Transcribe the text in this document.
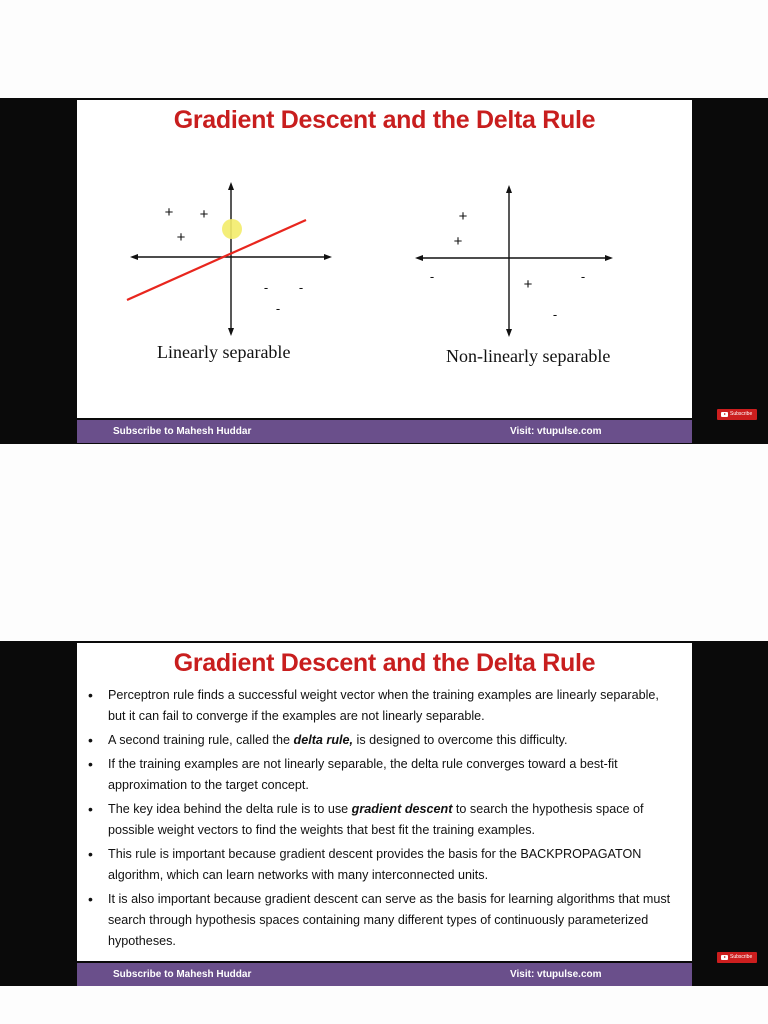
Gradient Descent and the Delta Rule
+ +
+
- -
-
+
+
+
-	-
-
Linearly separable	Non-linearly separable
Subscribe to Mahesh Huddar	Visit: vtupulse.com
Subscribe
Gradient Descent and the Delta Rule
• Perceptron rule finds a successful weight vector when the training examples are linearly separable, but it can fail to converge if the examples are not linearly separable.
• A second training rule, called the delta rule, is designed to overcome this difficulty.
• If the training examples are not linearly separable, the delta rule converges toward a best-fit approximation to the target concept.
• The key idea behind the delta rule is to use gradient descent to search the hypothesis space of possible weight vectors to find the weights that best fit the training examples.
• This rule is important because gradient descent provides the basis for the BACKPROPAGATON algorithm, which can learn networks with many interconnected units.
• It is also important because gradient descent can serve as the basis for learning algorithms that must search through hypothesis spaces containing many different types of continuously parameterized hypotheses.
Subscribe to Mahesh Huddar	Visit: vtupulse.com
Subscribe
